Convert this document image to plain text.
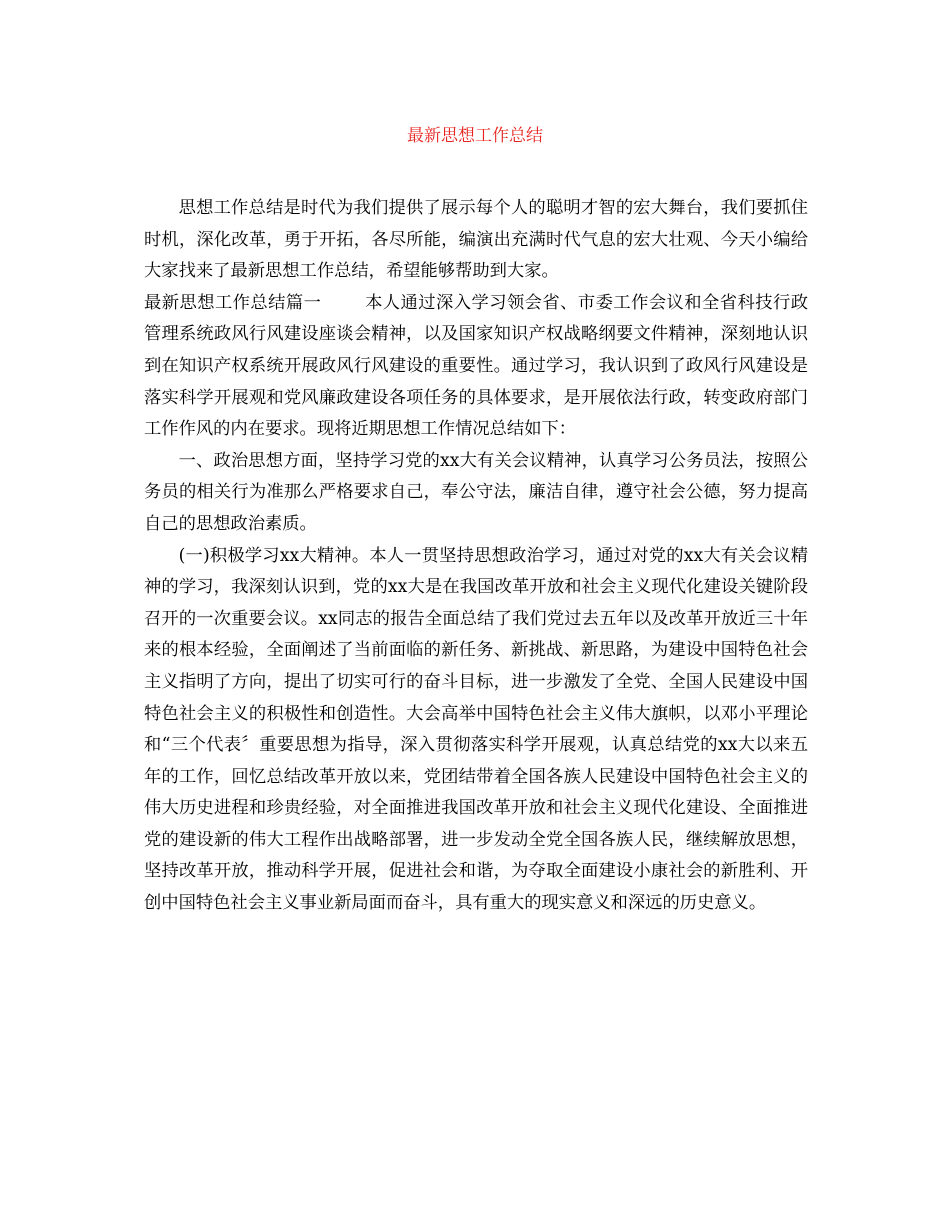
最新思想工作总结

思想工作总结是时代为我们提供了展示每个人的聪明才智的宏大舞台，我们要抓住时机，深化改革，勇于开拓，各尽所能，编演出充满时代气息的宏大壮观、今天小编给大家找来了最新思想工作总结，希望能够帮助到大家。

最新思想工作总结篇一	本人通过深入学习领会省、市委工作会议和全省科技行政管理系统政风行风建设座谈会精神，以及国家知识产权战略纲要文件精神，深刻地认识到在知识产权系统开展政风行风建设的重要性。通过学习，我认识到了政风行风建设是落实科学开展观和党风廉政建设各项任务的具体要求，是开展依法行政，转变政府部门工作作风的内在要求。现将近期思想工作情况总结如下：

一、政治思想方面，坚持学习党的xx大有关会议精神，认真学习公务员法，按照公务员的相关行为准那么严格要求自己，奉公守法，廉洁自律，遵守社会公德，努力提高自己的思想政治素质。

(一)积极学习xx大精神。本人一贯坚持思想政治学习，通过对党的xx大有关会议精神的学习，我深刻认识到，党的xx大是在我国改革开放和社会主义现代化建设关键阶段召开的一次重要会议。xx同志的报告全面总结了我们党过去五年以及改革开放近三十年来的根本经验，全面阐述了当前面临的新任务、新挑战、新思路，为建设中国特色社会主义指明了方向，提出了切实可行的奋斗目标，进一步激发了全党、全国人民建设中国特色社会主义的积极性和创造性。大会高举中国特色社会主义伟大旗帜，以邓小平理论和“三个代表〞重要思想为指导，深入贯彻落实科学开展观，认真总结党的xx大以来五年的工作，回忆总结改革开放以来，党团结带着全国各族人民建设中国特色社会主义的伟大历史进程和珍贵经验，对全面推进我国改革开放和社会主义现代化建设、全面推进党的建设新的伟大工程作出战略部署，进一步发动全党全国各族人民，继续解放思想，坚持改革开放，推动科学开展，促进社会和谐，为夺取全面建设小康社会的新胜利、开创中国特色社会主义事业新局面而奋斗，具有重大的现实意义和深远的历史意义。
